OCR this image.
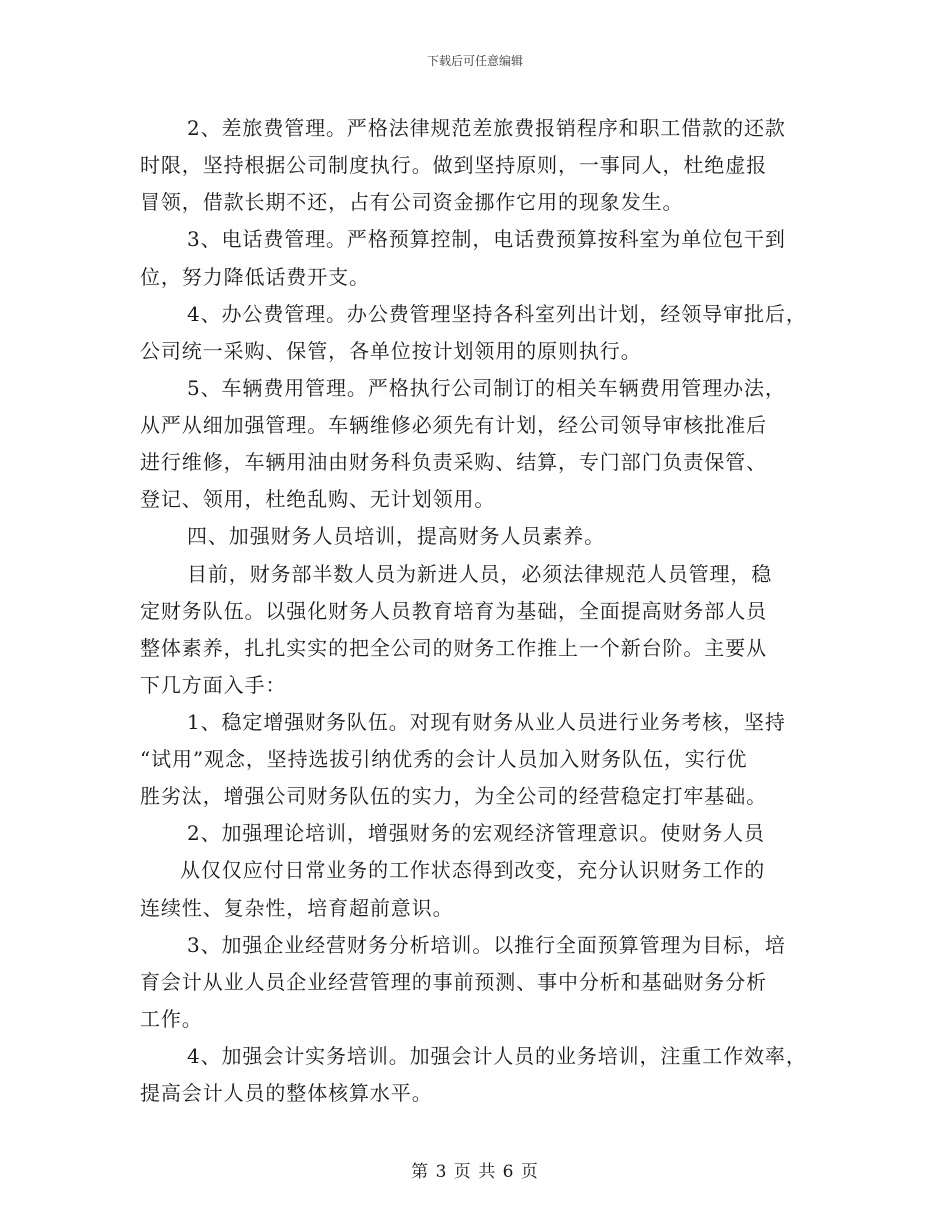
下载后可任意编辑
2、差旅费管理。严格法律规范差旅费报销程序和职工借款的还款
时限，坚持根据公司制度执行。做到坚持原则，一事同人，杜绝虚报
冒领，借款长期不还，占有公司资金挪作它用的现象发生。
3、电话费管理。严格预算控制，电话费预算按科室为单位包干到
位，努力降低话费开支。
4、办公费管理。办公费管理坚持各科室列出计划，经领导审批后，
公司统一采购、保管，各单位按计划领用的原则执行。
5、车辆费用管理。严格执行公司制订的相关车辆费用管理办法，
从严从细加强管理。车辆维修必须先有计划，经公司领导审核批准后
进行维修，车辆用油由财务科负责采购、结算，专门部门负责保管、
登记、领用，杜绝乱购、无计划领用。
四、加强财务人员培训，提高财务人员素养。
目前，财务部半数人员为新进人员，必须法律规范人员管理，稳
定财务队伍。以强化财务人员教育培育为基础，全面提高财务部人员
整体素养，扎扎实实的把全公司的财务工作推上一个新台阶。主要从
下几方面入手：
1、稳定增强财务队伍。对现有财务从业人员进行业务考核，坚持
“试用”观念，坚持选拔引纳优秀的会计人员加入财务队伍，实行优
胜劣汰，增强公司财务队伍的实力，为全公司的经营稳定打牢基础。
2、加强理论培训，增强财务的宏观经济管理意识。使财务人员
从仅仅应付日常业务的工作状态得到改变，充分认识财务工作的
连续性、复杂性，培育超前意识。
3、加强企业经营财务分析培训。以推行全面预算管理为目标，培
育会计从业人员企业经营管理的事前预测、事中分析和基础财务分析
工作。
4、加强会计实务培训。加强会计人员的业务培训，注重工作效率，
提高会计人员的整体核算水平。
第 3 页 共 6 页
